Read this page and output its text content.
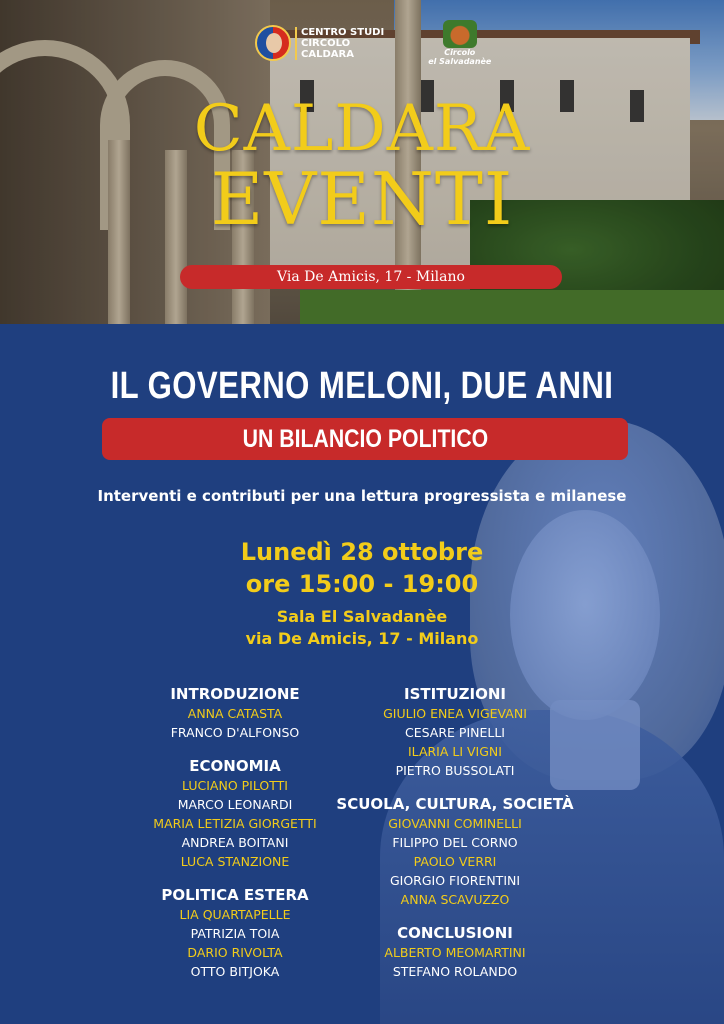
CENTRO STUDI
CIRCOLO
CALDARA	Circolo
el Salvadanèe
CALDARA
EVENTI
Via De Amicis, 17 - Milano
IL GOVERNO MELONI, DUE ANNI
UN BILANCIO POLITICO
Interventi e contributi per una lettura progressista e milanese
Lunedì 28 ottobre
ore 15:00 - 19:00
Sala El Salvadanèe
via De Amicis, 17 - Milano
INTRODUZIONE
ANNA CATASTA
FRANCO D'ALFONSO
ECONOMIA
LUCIANO PILOTTI
MARCO LEONARDI
MARIA LETIZIA GIORGETTI
ANDREA BOITANI
LUCA STANZIONE
POLITICA ESTERA
LIA QUARTAPELLE
PATRIZIA TOIA
DARIO RIVOLTA
OTTO BITJOKA
ISTITUZIONI
GIULIO ENEA VIGEVANI
CESARE PINELLI
ILARIA LI VIGNI
PIETRO BUSSOLATI
SCUOLA, CULTURA, SOCIETÀ
GIOVANNI COMINELLI
FILIPPO DEL CORNO
PAOLO VERRI
GIORGIO FIORENTINI
ANNA SCAVUZZO
CONCLUSIONI
ALBERTO MEOMARTINI
STEFANO ROLANDO
